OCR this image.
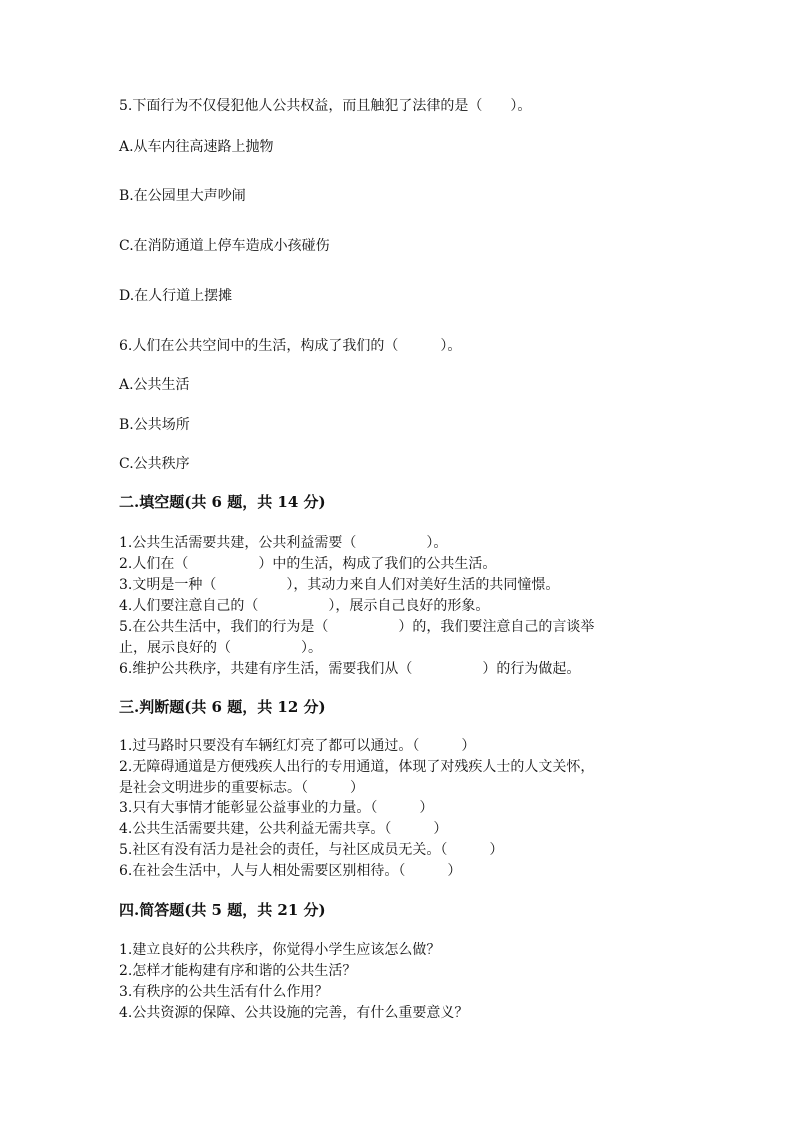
5.下面行为不仅侵犯他人公共权益，而且触犯了法律的是（　　）。
A.从车内往高速路上抛物
B.在公园里大声吵闹
C.在消防通道上停车造成小孩碰伤
D.在人行道上摆摊
6.人们在公共空间中的生活，构成了我们的（　　　）。
A.公共生活
B.公共场所
C.公共秩序
二.填空题(共 6 题，共 14 分)
1.公共生活需要共建，公共利益需要（　　　　　）。
2.人们在（　　　　　）中的生活，构成了我们的公共生活。
3.文明是一种（　　　　　），其动力来自人们对美好生活的共同憧憬。
4.人们要注意自己的（　　　　　），展示自己良好的形象。
5.在公共生活中，我们的行为是（　　　　　）的，我们要注意自己的言谈举
止，展示良好的（　　　　　）。
6.维护公共秩序，共建有序生活，需要我们从（　　　　　）的行为做起。
三.判断题(共 6 题，共 12 分)
1.过马路时只要没有车辆红灯亮了都可以通过。（　　　）
2.无障碍通道是方便残疾人出行的专用通道，体现了对残疾人士的人文关怀，
是社会文明进步的重要标志。（　　　）
3.只有大事情才能彰显公益事业的力量。（　　　）
4.公共生活需要共建，公共利益无需共享。（　　　）
5.社区有没有活力是社会的责任，与社区成员无关。（　　　）
6.在社会生活中，人与人相处需要区别相待。（　　　）
四.简答题(共 5 题，共 21 分)
1.建立良好的公共秩序，你觉得小学生应该怎么做？
2.怎样才能构建有序和谐的公共生活？
3.有秩序的公共生活有什么作用？
4.公共资源的保障、公共设施的完善，有什么重要意义？
